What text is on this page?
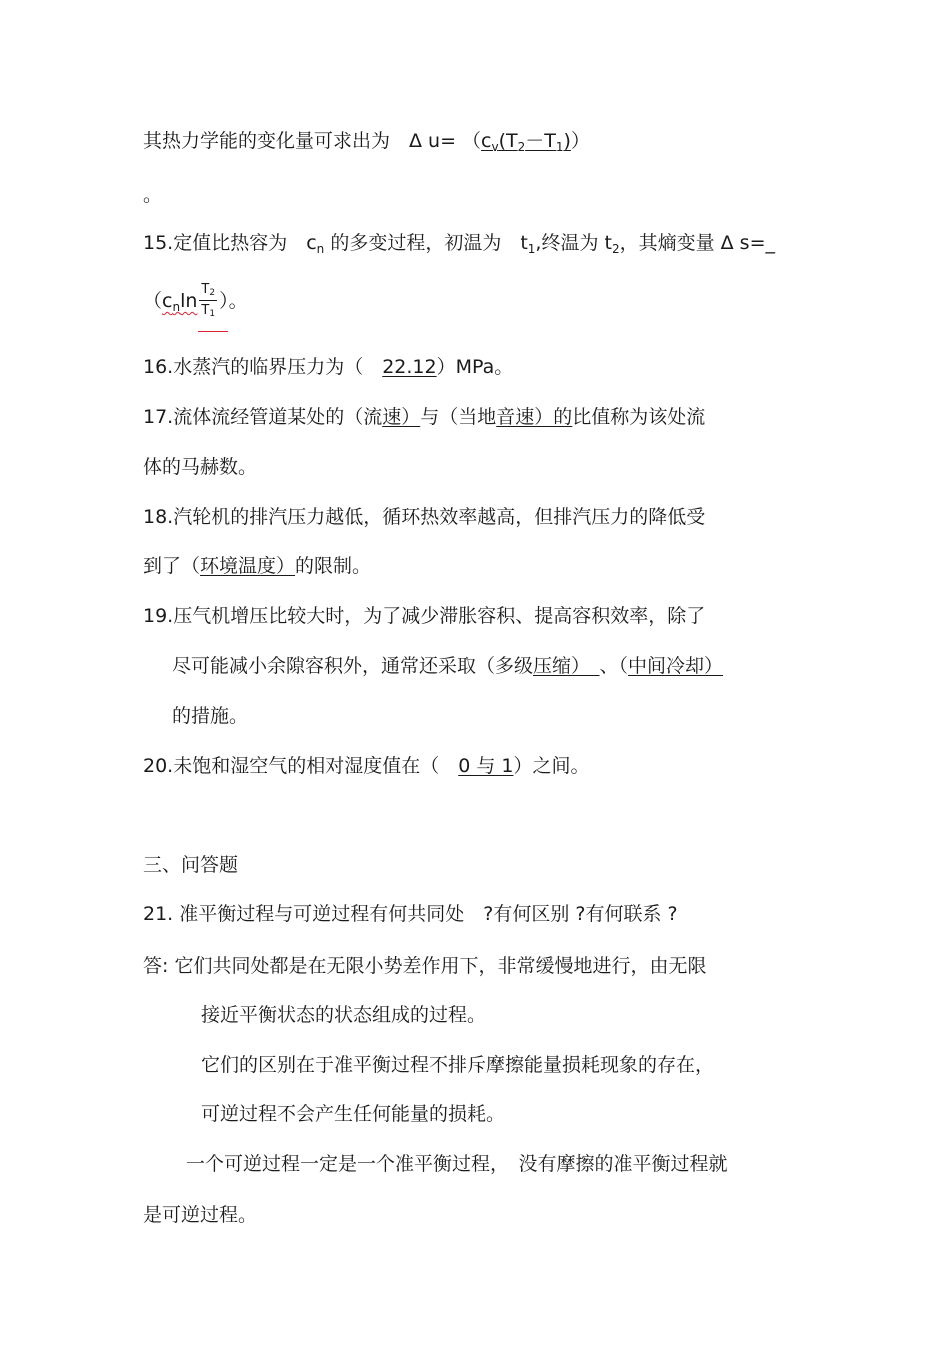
其热力学能的变化量可求出为　Δ $u= (c_v(T_2-T_1))$
。
15.定值比热容为　$c_n$ 的多变过程，初温为　$t_1$,终温为 $t_2$，其熵变量 Δ s=_
（$c_n\ln \frac{T2}{T1}$ ）。
16.水蒸汽的临界压力为（　22.12）MPa。
17.流体流经管道某处的（流速）与（当地音速）的比值称为该处流
体的马赫数。
18.汽轮机的排汽压力越低，循环热效率越高，但排汽压力的降低受
到了（环境温度）的限制。
19.压气机增压比较大时，为了减少滞胀容积、提高容积效率，除了
尽可能减小余隙容积外，通常还采取（多级压缩）　、（中间冷却）
的措施。
20.未饱和湿空气的相对湿度值在（　0 与 1）之间。
三、问答题
21. 准平衡过程与可逆过程有何共同处　?有何区别 ?有何联系 ?
答: 它们共同处都是在无限小势差作用下，非常缓慢地进行，由无限
接近平衡状态的状态组成的过程。
它们的区别在于准平衡过程不排斥摩擦能量损耗现象的存在，
可逆过程不会产生任何能量的损耗。
一个可逆过程一定是一个准平衡过程，　没有摩擦的准平衡过程就
是可逆过程。
